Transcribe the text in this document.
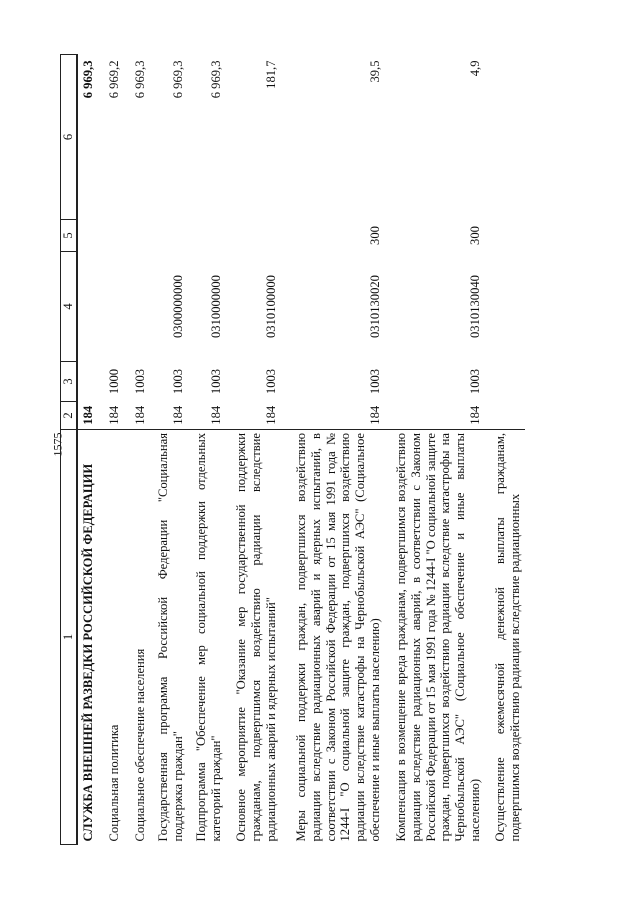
1575
1	2	3	4	5	6
СЛУЖБА ВНЕШНЕЙ РАЗВЕДКИ РОССИЙСКОЙ ФЕДЕРАЦИИ	184				6 969,3
Социальная политика	184	1000			6 969,2
Социальное обеспечение населения	184	1003			6 969,3
Государственная программа Российской Федерации "Социальная поддержка граждан"	184	1003	0300000000		6 969,3
Подпрограмма "Обеспечение мер социальной поддержки отдельных категорий граждан"	184	1003	0310000000		6 969,3
Основное мероприятие "Оказание мер государственной поддержки гражданам, подвергшимся воздействию радиации вследствие радиационных аварий и ядерных испытаний"	184	1003	0310100000		181,7
Меры социальной поддержки граждан, подвергшихся воздействию радиации вследствие радиационных аварий и ядерных испытаний, в соответствии с Законом Российской Федерации от 15 мая 1991 года № 1244-I "О социальной защите граждан, подвергшихся воздействию радиации вследствие катастрофы на Чернобыльской АЭС" (Социальное обеспечение и иные выплаты населению)	184	1003	0310130020	300	39,5
Компенсация в возмещение вреда гражданам, подвергшимся воздействию радиации вследствие радиационных аварий, в соответствии с Законом Российской Федерации от 15 мая 1991 года № 1244-I "О социальной защите граждан, подвергшихся воздействию радиации вследствие катастрофы на Чернобыльской АЭС" (Социальное обеспечение и иные выплаты населению)	184	1003	0310130040	300	4,9
Осуществление ежемесячной денежной выплаты гражданам, подвергшимся воздействию радиации вследствие радиационных					
